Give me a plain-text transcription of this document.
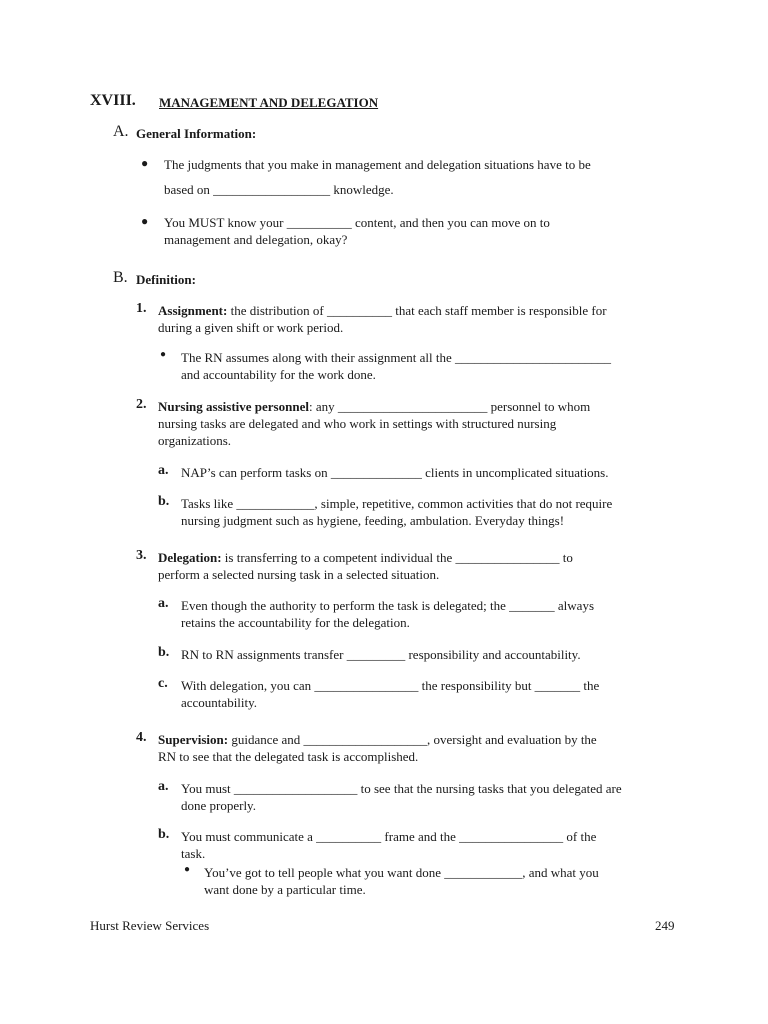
XVIII. MANAGEMENT AND DELEGATION
A. General Information:
● The judgments that you make in management and delegation situations have to be
based on __________________ knowledge.
● You MUST know your __________ content, and then you can move on to
management and delegation, okay?
B. Definition:
1. Assignment: the distribution of __________ that each staff member is responsible for
during a given shift or work period.
● The RN assumes along with their assignment all the ________________________
and accountability for the work done.
2. Nursing assistive personnel: any _______________________ personnel to whom
nursing tasks are delegated and who work in settings with structured nursing
organizations.
a. NAP’s can perform tasks on ______________ clients in uncomplicated situations.
b. Tasks like ____________, simple, repetitive, common activities that do not require
nursing judgment such as hygiene, feeding, ambulation. Everyday things!
3. Delegation: is transferring to a competent individual the ________________ to
perform a selected nursing task in a selected situation.
a. Even though the authority to perform the task is delegated; the _______ always
retains the accountability for the delegation.
b. RN to RN assignments transfer _________ responsibility and accountability.
c. With delegation, you can ________________ the responsibility but _______ the
accountability.
4. Supervision: guidance and ___________________, oversight and evaluation by the
RN to see that the delegated task is accomplished.
a. You must ___________________ to see that the nursing tasks that you delegated are
done properly.
b. You must communicate a __________ frame and the ________________ of the
task.
● You’ve got to tell people what you want done ____________, and what you
want done by a particular time.
Hurst Review Services	249
